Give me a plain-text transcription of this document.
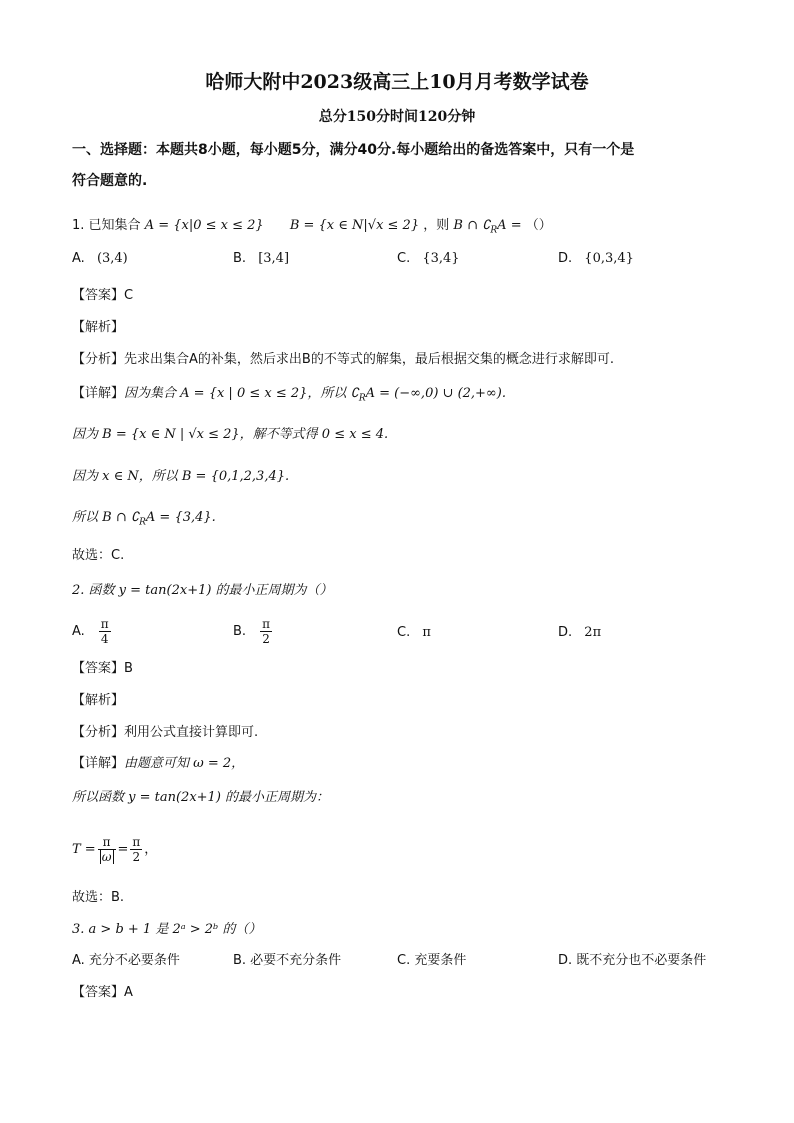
哈师大附中2023级高三上10月月考数学试卷
总分150分时间120分钟
一、选择题：本题共8小题，每小题5分，满分40分.每小题给出的备选答案中，只有一个是
符合题意的.
1. 已知集合 A = {x|0 ≤ x ≤ 2} B = {x ∈ N|√x ≤ 2} ，则 B ∩ $∁_RA$ = （）
A. (3,4)	B. [3,4]	C. {3,4}	D. {0,3,4}
【答案】C
【解析】
【分析】先求出集合A的补集，然后求出B的不等式的解集，最后根据交集的概念进行求解即可.
【详解】因为集合 A = {x | 0 ≤ x ≤ 2}，所以 $∁_RA = (-\infty,0)$ ∪ (2,+∞).
因为 B = {x ∈ N | √x ≤ 2}，解不等式得 0 ≤ x ≤ 4.
因为 x ∈ N，所以 B = {0,1,2,3,4}.
所以 B ∩ $∁_RA = \{3,4\}$.
故选：C.
2. 函数 y = tan(2x+1) 的最小正周期为（）
A. $\frac{\pi}{4}$	B. $\frac{\pi}{2}$	C. π	D. 2π
【答案】B
【解析】
【分析】利用公式直接计算即可.
【详解】由题意可知 ω = 2，
所以函数 y = tan(2x+1) 的最小正周期为：
$T = \frac{\pi}{\omega} = \frac{\pi}{2}$ ，
故选：B.
3. a > b + 1 是 2ᵃ > 2ᵇ 的（）
A. 充分不必要条件	B. 必要不充分条件	C. 充要条件	D. 既不充分也不必要条件
【答案】A
